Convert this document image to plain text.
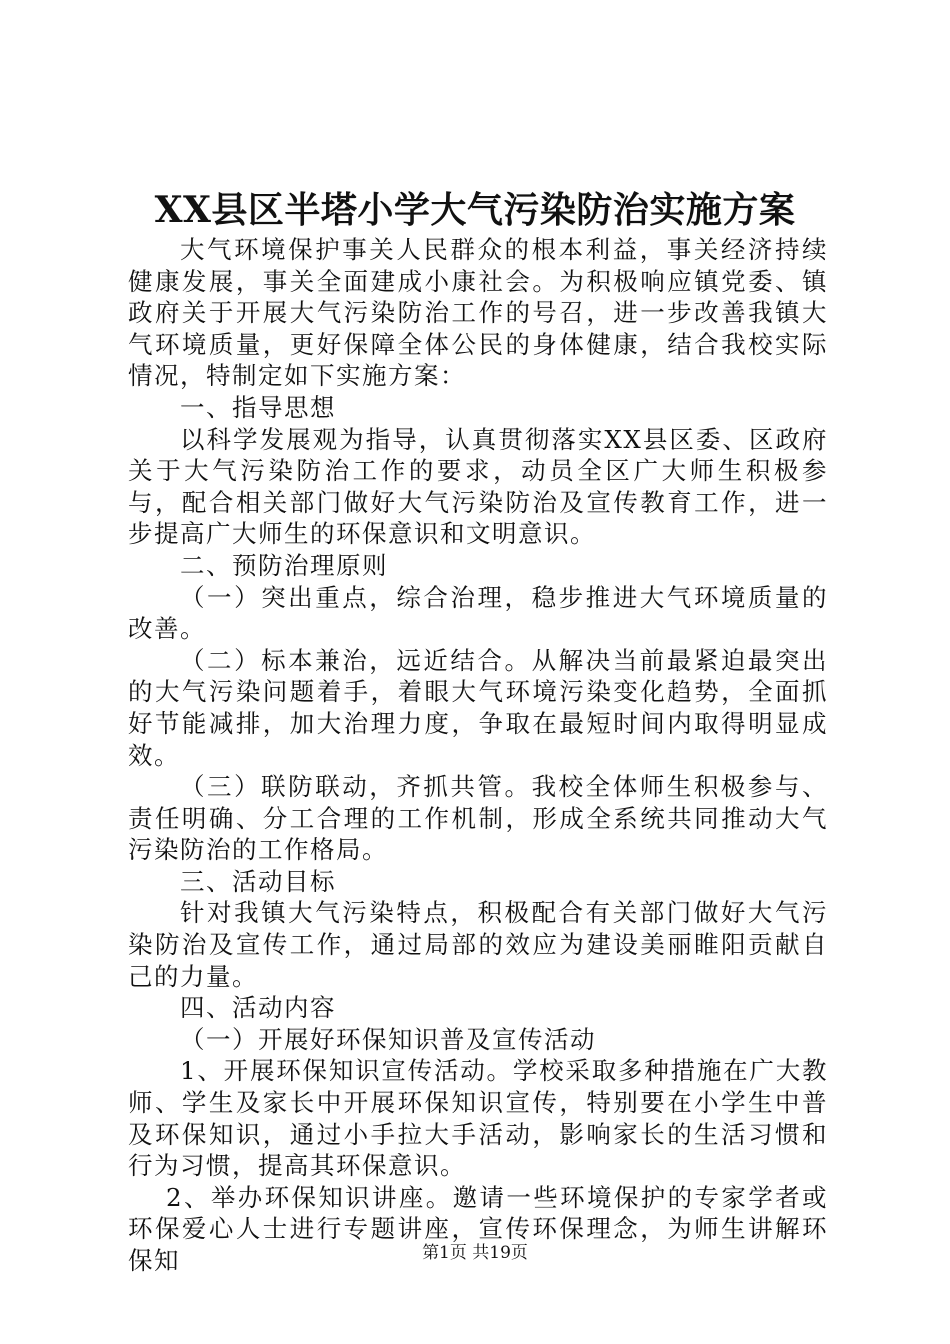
XX县区半塔小学大气污染防治实施方案

大气环境保护事关人民群众的根本利益，事关经济持续健康发展，事关全面建成小康社会。为积极响应镇党委、镇政府关于开展大气污染防治工作的号召，进一步改善我镇大气环境质量，更好保障全体公民的身体健康，结合我校实际情况，特制定如下实施方案：

一、指导思想

以科学发展观为指导，认真贯彻落实XX县区委、区政府关于大气污染防治工作的要求，动员全区广大师生积极参与，配合相关部门做好大气污染防治及宣传教育工作，进一步提高广大师生的环保意识和文明意识。

二、预防治理原则

（一）突出重点，综合治理，稳步推进大气环境质量的改善。

（二）标本兼治，远近结合。从解决当前最紧迫最突出的大气污染问题着手，着眼大气环境污染变化趋势，全面抓好节能减排，加大治理力度，争取在最短时间内取得明显成效。

（三）联防联动，齐抓共管。我校全体师生积极参与、责任明确、分工合理的工作机制，形成全系统共同推动大气污染防治的工作格局。

三、活动目标

针对我镇大气污染特点，积极配合有关部门做好大气污染防治及宣传工作，通过局部的效应为建设美丽睢阳贡献自己的力量。

四、活动内容

（一）开展好环保知识普及宣传活动

1、开展环保知识宣传活动。学校采取多种措施在广大教师、学生及家长中开展环保知识宣传，特别要在小学生中普及环保知识，通过小手拉大手活动，影响家长的生活习惯和行为习惯，提高其环保意识。

2、举办环保知识讲座。邀请一些环境保护的专家学者或环保爱心人士进行专题讲座，宣传环保理念，为师生讲解环保知	第1页 共19页
